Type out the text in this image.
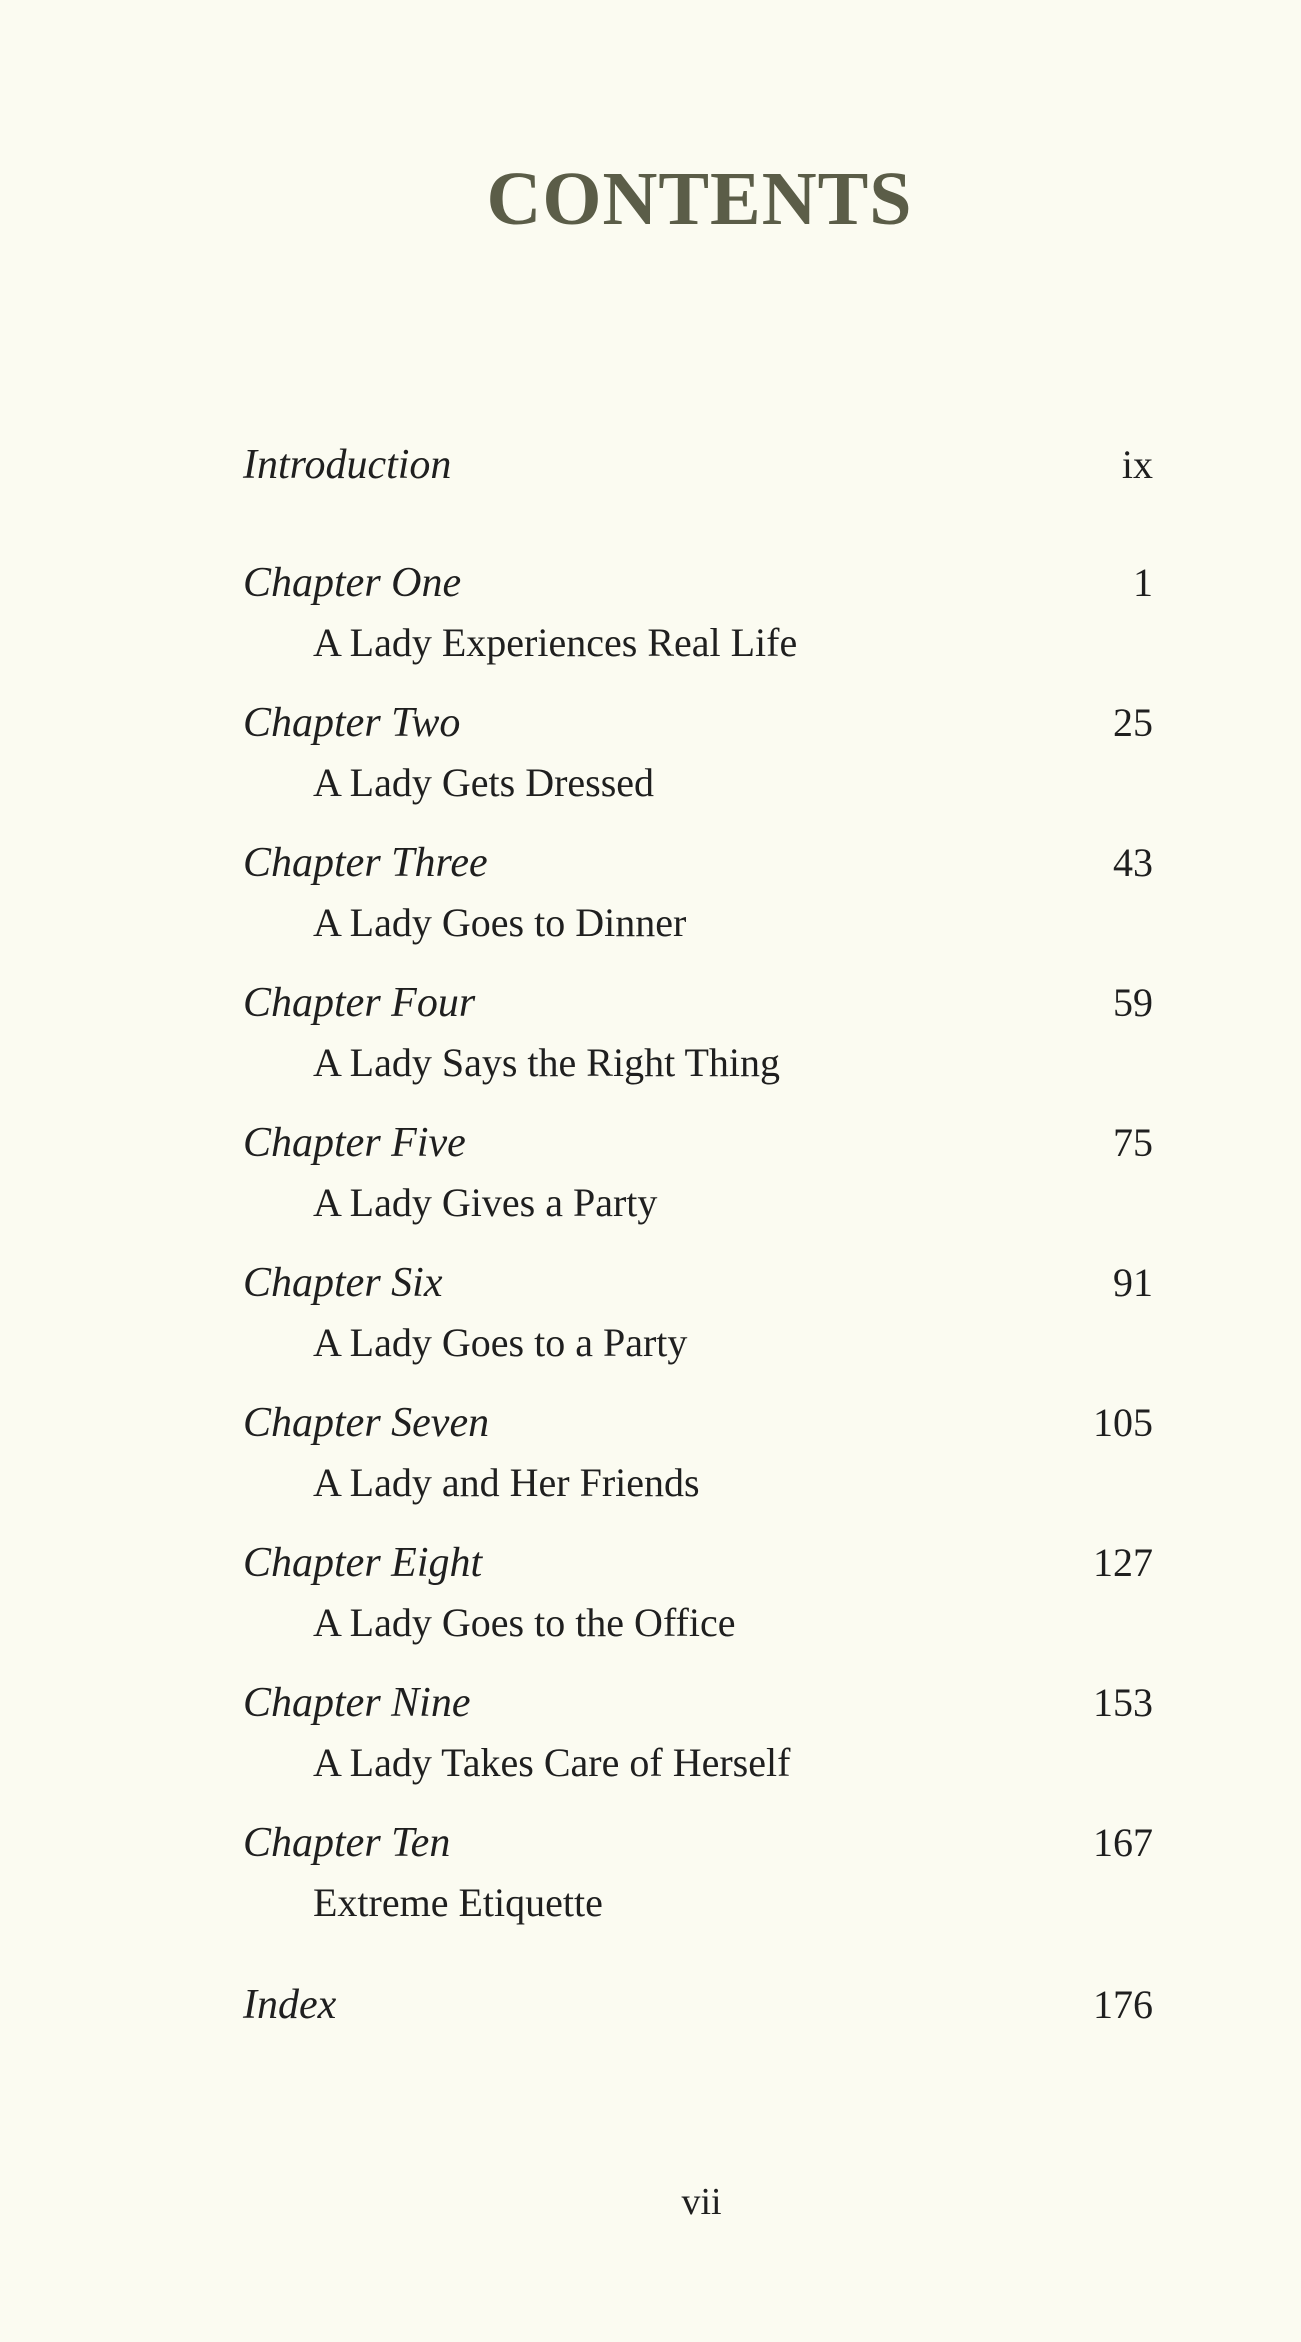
CONTENTS
Introduction	ix
Chapter One	1
A Lady Experiences Real Life
Chapter Two	25
A Lady Gets Dressed
Chapter Three	43
A Lady Goes to Dinner
Chapter Four	59
A Lady Says the Right Thing
Chapter Five	75
A Lady Gives a Party
Chapter Six	91
A Lady Goes to a Party
Chapter Seven	105
A Lady and Her Friends
Chapter Eight	127
A Lady Goes to the Office
Chapter Nine	153
A Lady Takes Care of Herself
Chapter Ten	167
Extreme Etiquette
Index	176
vii
